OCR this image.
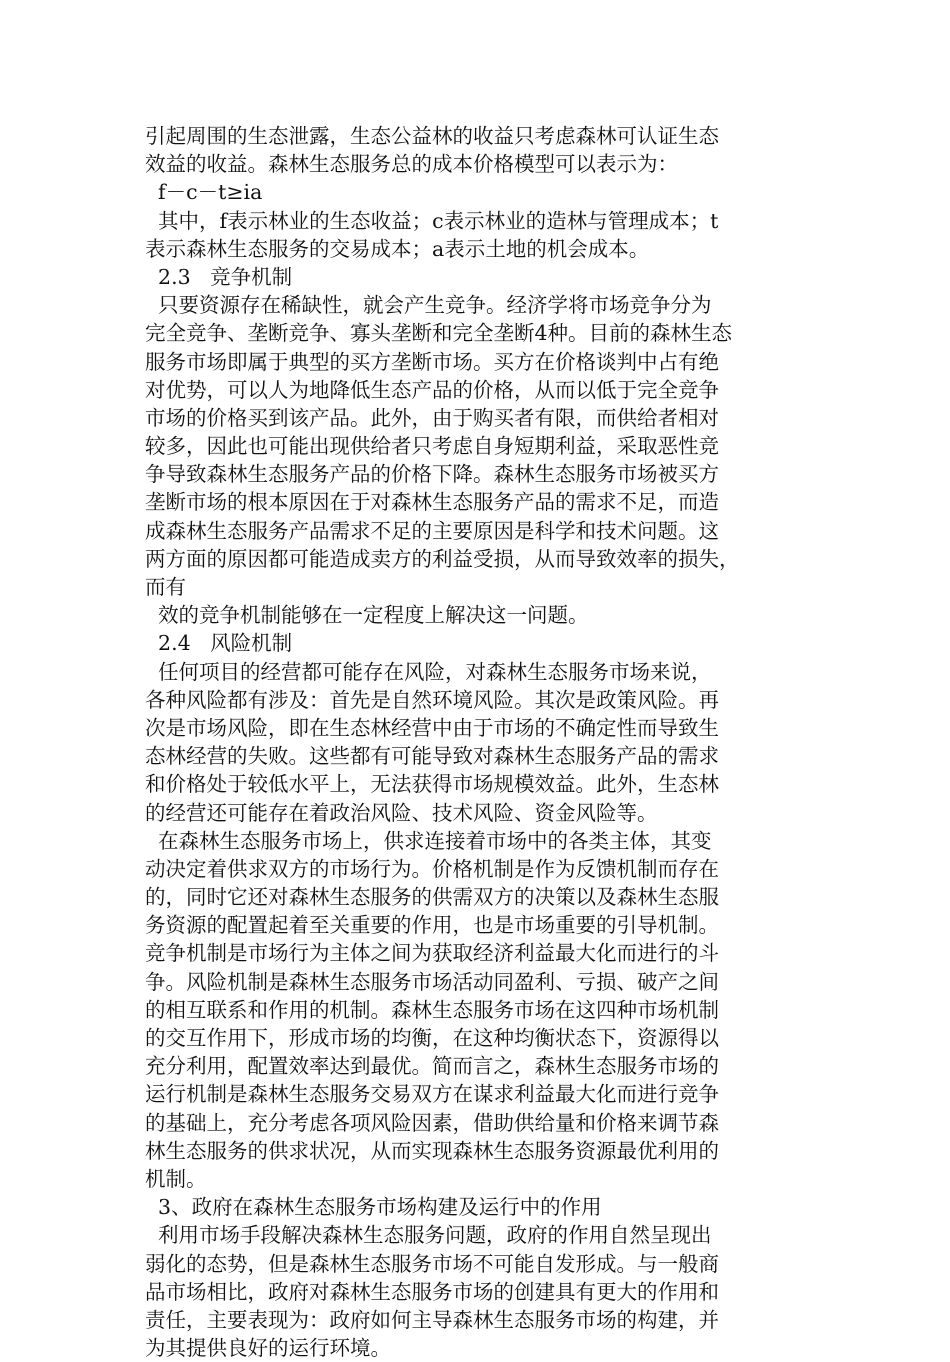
引起周围的生态泄露，生态公益林的收益只考虑森林可认证生态
效益的收益。森林生态服务总的成本价格模型可以表示为：
f－c－t≥ia
其中，f表示林业的生态收益；c表示林业的造林与管理成本；t
表示森林生态服务的交易成本；a表示土地的机会成本。
2.3   竞争机制
只要资源存在稀缺性，就会产生竞争。经济学将市场竞争分为
完全竞争、垄断竞争、寡头垄断和完全垄断4种。目前的森林生态
服务市场即属于典型的买方垄断市场。买方在价格谈判中占有绝
对优势，可以人为地降低生态产品的价格，从而以低于完全竞争
市场的价格买到该产品。此外，由于购买者有限，而供给者相对
较多，因此也可能出现供给者只考虑自身短期利益，采取恶性竞
争导致森林生态服务产品的价格下降。森林生态服务市场被买方
垄断市场的根本原因在于对森林生态服务产品的需求不足，而造
成森林生态服务产品需求不足的主要原因是科学和技术问题。这
两方面的原因都可能造成卖方的利益受损，从而导致效率的损失，
而有
效的竞争机制能够在一定程度上解决这一问题。
2.4   风险机制
任何项目的经营都可能存在风险，对森林生态服务市场来说，
各种风险都有涉及：首先是自然环境风险。其次是政策风险。再
次是市场风险，即在生态林经营中由于市场的不确定性而导致生
态林经营的失败。这些都有可能导致对森林生态服务产品的需求
和价格处于较低水平上，无法获得市场规模效益。此外，生态林
的经营还可能存在着政治风险、技术风险、资金风险等。
在森林生态服务市场上，供求连接着市场中的各类主体，其变
动决定着供求双方的市场行为。价格机制是作为反馈机制而存在
的，同时它还对森林生态服务的供需双方的决策以及森林生态服
务资源的配置起着至关重要的作用，也是市场重要的引导机制。
竞争机制是市场行为主体之间为获取经济利益最大化而进行的斗
争。风险机制是森林生态服务市场活动同盈利、亏损、破产之间
的相互联系和作用的机制。森林生态服务市场在这四种市场机制
的交互作用下，形成市场的均衡，在这种均衡状态下，资源得以
充分利用，配置效率达到最优。简而言之，森林生态服务市场的
运行机制是森林生态服务交易双方在谋求利益最大化而进行竞争
的基础上，充分考虑各项风险因素，借助供给量和价格来调节森
林生态服务的供求状况，从而实现森林生态服务资源最优利用的
机制。
3、政府在森林生态服务市场构建及运行中的作用
利用市场手段解决森林生态服务问题，政府的作用自然呈现出
弱化的态势，但是森林生态服务市场不可能自发形成。与一般商
品市场相比，政府对森林生态服务市场的创建具有更大的作用和
责任，主要表现为：政府如何主导森林生态服务市场的构建，并
为其提供良好的运行环境。
